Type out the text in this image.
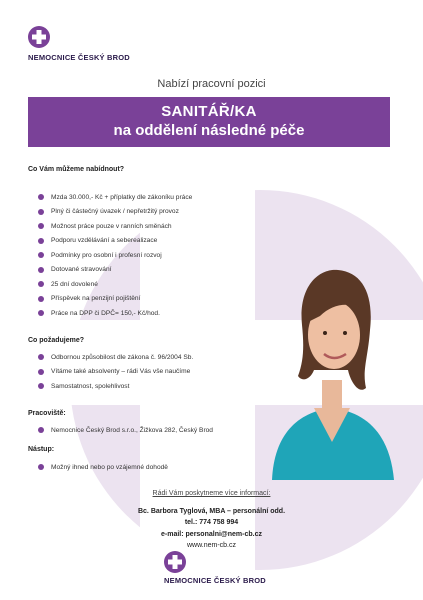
NEMOCNICE ČESKÝ BROD
Nabízí pracovní pozici
SANITÁŘ/KA
na oddělení následné péče
Co Vám můžeme nabídnout?
Mzda 30.000,- Kč + příplatky dle zákoníku práce
Plný či částečný úvazek / nepřetržitý provoz
Možnost práce pouze v ranních směnách
Podporu vzdělávání a seberealizace
Podmínky pro osobní i profesní rozvoj
Dotované stravování
25 dní dovolené
Příspěvek na penzijní pojištění
Práce na DPP či DPČ= 150,- Kč/hod.
Co požadujeme?
Odbornou způsobilost dle zákona č. 96/2004 Sb.
Vítáme také absolventy – rádi Vás vše naučíme
Samostatnost, spolehlivost
Pracoviště:
Nemocnice Český Brod s.r.o., Žižkova 282, Český Brod
Nástup:
Možný ihned nebo po vzájemné dohodě
Rádi Vám poskytneme více informací:
Bc. Barbora Tyglová, MBA – personální odd.
tel.: 774 758 994
e-mail: personalni@nem-cb.cz
www.nem-cb.cz
NEMOCNICE ČESKÝ BROD
